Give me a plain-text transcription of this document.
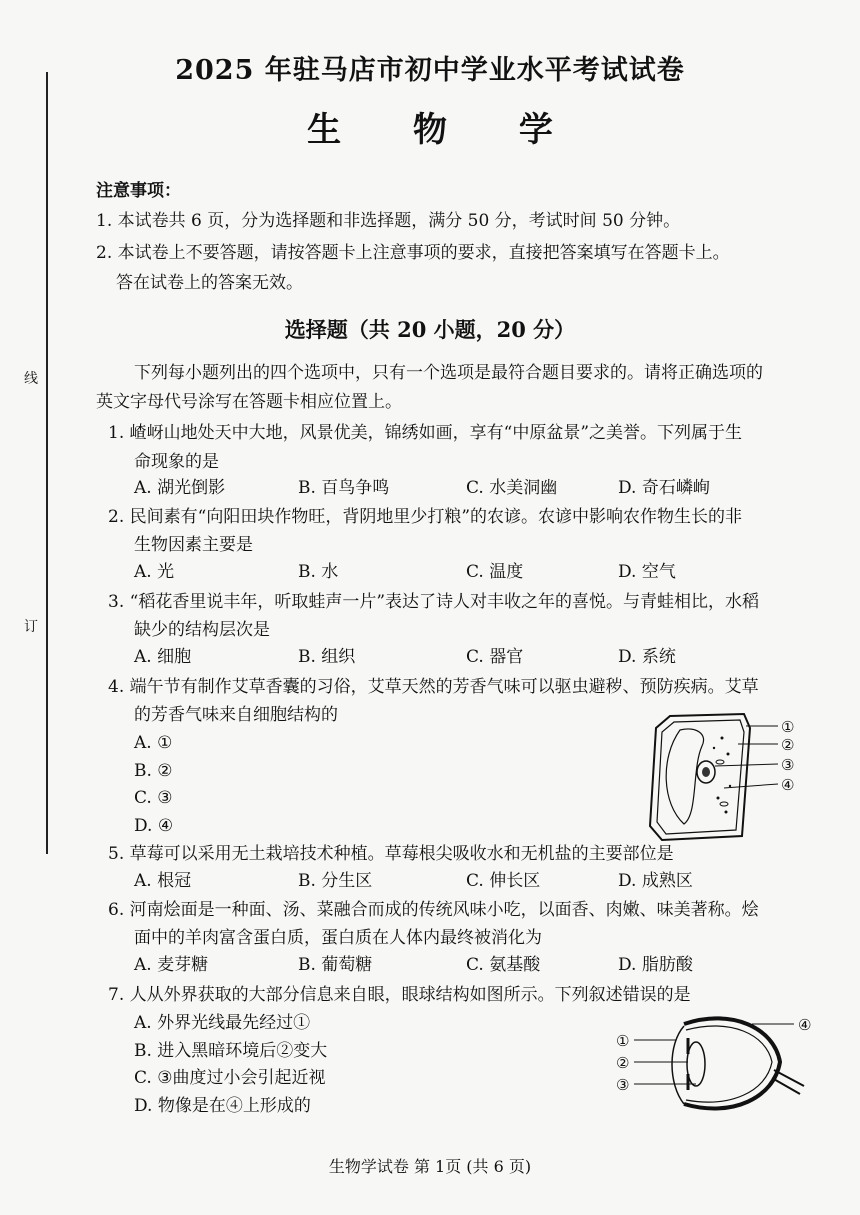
线
订
2025 年驻马店市初中学业水平考试试卷
生 物 学
注意事项：
1. 本试卷共 6 页，分为选择题和非选择题，满分 50 分，考试时间 50 分钟。
2. 本试卷上不要答题，请按答题卡上注意事项的要求，直接把答案填写在答题卡上。
答在试卷上的答案无效。
选择题（共 20 小题，20 分）
下列每小题列出的四个选项中，只有一个选项是最符合题目要求的。请将正确选项的
英文字母代号涂写在答题卡相应位置上。
1. 嵖岈山地处天中大地，风景优美，锦绣如画，享有“中原盆景”之美誉。下列属于生
命现象的是
A. 湖光倒影	B. 百鸟争鸣	C. 水美洞幽	D. 奇石嶙峋
2. 民间素有“向阳田块作物旺，背阴地里少打粮”的农谚。农谚中影响农作物生长的非
生物因素主要是
A. 光	B. 水	C. 温度	D. 空气
3. “稻花香里说丰年，听取蛙声一片”表达了诗人对丰收之年的喜悦。与青蛙相比，水稻
缺少的结构层次是
A. 细胞	B. 组织	C. 器官	D. 系统
4. 端午节有制作艾草香囊的习俗，艾草天然的芳香气味可以驱虫避秽、预防疾病。艾草
的芳香气味来自细胞结构的
A. ①
B. ②
C. ③
D. ④
①
②
③
④
5. 草莓可以采用无土栽培技术种植。草莓根尖吸收水和无机盐的主要部位是
A. 根冠	B. 分生区	C. 伸长区	D. 成熟区
6. 河南烩面是一种面、汤、菜融合而成的传统风味小吃，以面香、肉嫩、味美著称。烩
面中的羊肉富含蛋白质，蛋白质在人体内最终被消化为
A. 麦芽糖	B. 葡萄糖	C. 氨基酸	D. 脂肪酸
7. 人从外界获取的大部分信息来自眼，眼球结构如图所示。下列叙述错误的是
A. 外界光线最先经过①
B. 进入黑暗环境后②变大
C. ③曲度过小会引起近视
D. 物像是在④上形成的
①
②
③
④
生物学试卷 第 1页 (共 6 页)
